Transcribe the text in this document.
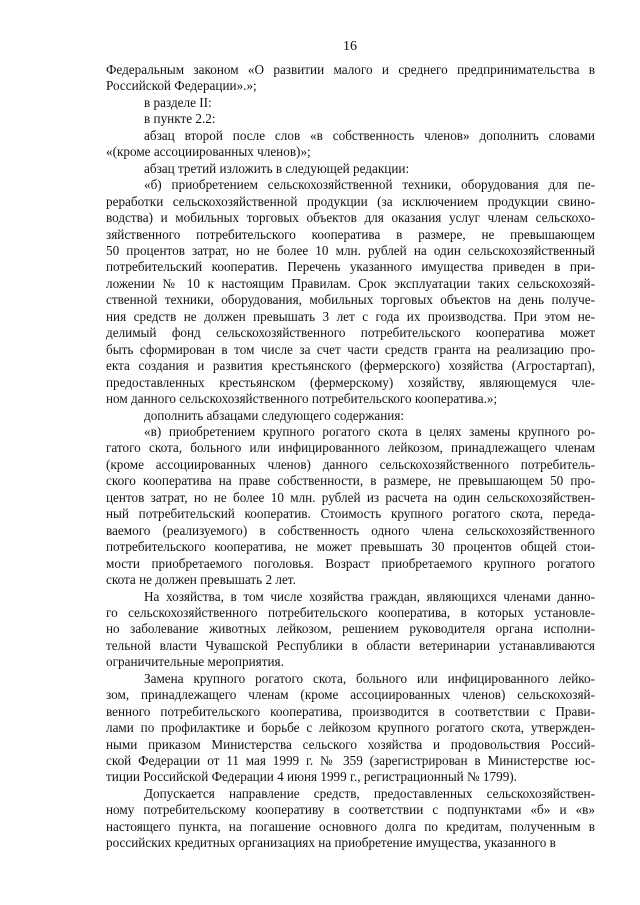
16
Федеральным законом «О развитии малого и среднего предпринимательства в
Российской Федерации».»;
в разделе II:
в пункте 2.2:
абзац второй после слов «в собственность членов» дополнить словами
«(кроме ассоциированных членов)»;
абзац третий изложить в следующей редакции:
«б) приобретением сельскохозяйственной техники, оборудования для пе-
реработки сельскохозяйственной продукции (за исключением продукции свино-
водства) и мобильных торговых объектов для оказания услуг членам сельскохо-
зяйственного потребительского кооператива в размере, не превышающем
50 процентов затрат, но не более 10 млн. рублей на один сельскохозяйственный
потребительский кооператив. Перечень указанного имущества приведен в при-
ложении № 10 к настоящим Правилам. Срок эксплуатации таких сельскохозяй-
ственной техники, оборудования, мобильных торговых объектов на день получе-
ния средств не должен превышать 3 лет с года их производства. При этом не-
делимый фонд сельскохозяйственного потребительского кооператива может
быть сформирован в том числе за счет части средств гранта на реализацию про-
екта создания и развития крестьянского (фермерского) хозяйства (Агростартап),
предоставленных крестьянском (фермерскому) хозяйству, являющемуся чле-
ном данного сельскохозяйственного потребительского кооператива.»;
дополнить абзацами следующего содержания:
«в) приобретением крупного рогатого скота в целях замены крупного ро-
гатого скота, больного или инфицированного лейкозом, принадлежащего членам
(кроме ассоциированных членов) данного сельскохозяйственного потребитель-
ского кооператива на праве собственности, в размере, не превышающем 50 про-
центов затрат, но не более 10 млн. рублей из расчета на один сельскохозяйствен-
ный потребительский кооператив. Стоимость крупного рогатого скота, переда-
ваемого (реализуемого) в собственность одного члена сельскохозяйственного
потребительского кооператива, не может превышать 30 процентов общей стои-
мости приобретаемого поголовья. Возраст приобретаемого крупного рогатого
скота не должен превышать 2 лет.
На хозяйства, в том числе хозяйства граждан, являющихся членами данно-
го сельскохозяйственного потребительского кооператива, в которых установле-
но заболевание животных лейкозом, решением руководителя органа исполни-
тельной власти Чувашской Республики в области ветеринарии устанавливаются
ограничительные мероприятия.
Замена крупного рогатого скота, больного или инфицированного лейко-
зом, принадлежащего членам (кроме ассоциированных членов) сельскохозяй-
венного потребительского кооператива, производится в соответствии с Прави-
лами по профилактике и борьбе с лейкозом крупного рогатого скота, утвержден-
ными приказом Министерства сельского хозяйства и продовольствия Россий-
ской Федерации от 11 мая 1999 г. № 359 (зарегистрирован в Министерстве юс-
тиции Российской Федерации 4 июня 1999 г., регистрационный № 1799).
Допускается направление средств, предоставленных сельскохозяйствен-
ному потребительскому кооперативу в соответствии с подпунктами «б» и «в»
настоящего пункта, на погашение основного долга по кредитам, полученным в
российских кредитных организациях на приобретение имущества, указанного в
